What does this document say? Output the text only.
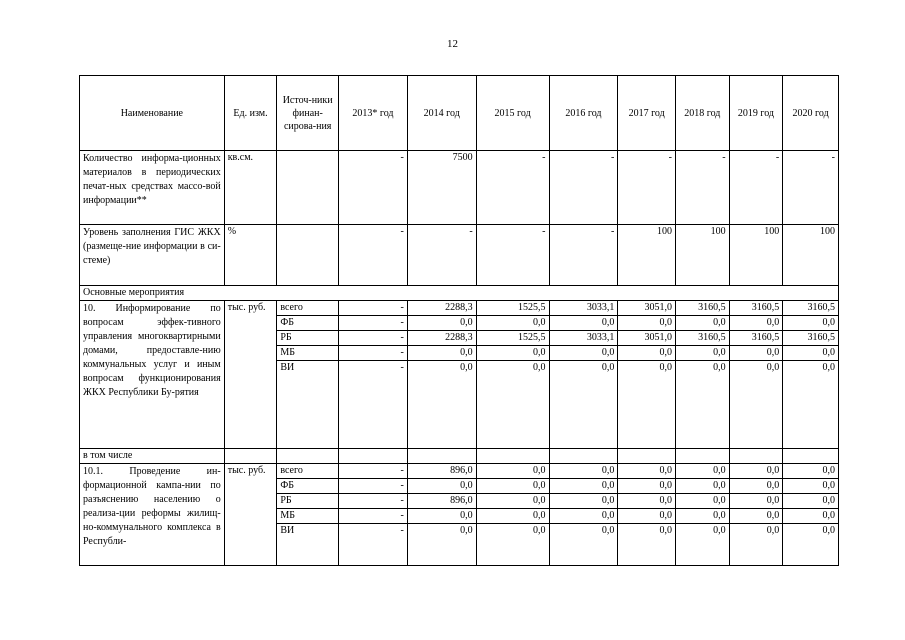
12
Наименование	Ед. изм.	Источ-ники финан-сирова-ния	2013* год	2014 год	2015 год	2016 год	2017 год	2018 год	2019 год	2020 год
Количество информа-ционных материалов в периодических печат-ных средствах массо-вой информации**	кв.см.		-	7500	-	-	-	-	-	-
Уровень заполнения ГИС ЖКХ (размеще-ние информации в си-стеме)	%		-	-	-	-	100	100	100	100
Основные мероприятия										
10. Информирование по вопросам эффек-тивного управления многоквартирными домами, предоставле-нию коммунальных услуг и иным вопросам функционирования ЖКХ Республики Бу-рятия	тыс. руб.	всего	-	2288,3	1525,5	3033,1	3051,0	3160,5	3160,5	3160,5
		ФБ	-	0,0	0,0	0,0	0,0	0,0	0,0	0,0
		РБ	-	2288,3	1525,5	3033,1	3051,0	3160,5	3160,5	3160,5
		МБ	-	0,0	0,0	0,0	0,0	0,0	0,0	0,0
		ВИ	-	0,0	0,0	0,0	0,0	0,0	0,0	0,0
в том числе										
10.1. Проведение ин-формационной кампа-нии по разъяснению населению о реализа-ции реформы жилищ-но-коммунального комплекса в Республи-	тыс. руб.	всего	-	896,0	0,0	0,0	0,0	0,0	0,0	0,0
		ФБ	-	0,0	0,0	0,0	0,0	0,0	0,0	0,0
		РБ	-	896,0	0,0	0,0	0,0	0,0	0,0	0,0
		МБ	-	0,0	0,0	0,0	0,0	0,0	0,0	0,0
		ВИ	-	0,0	0,0	0,0	0,0	0,0	0,0	0,0
